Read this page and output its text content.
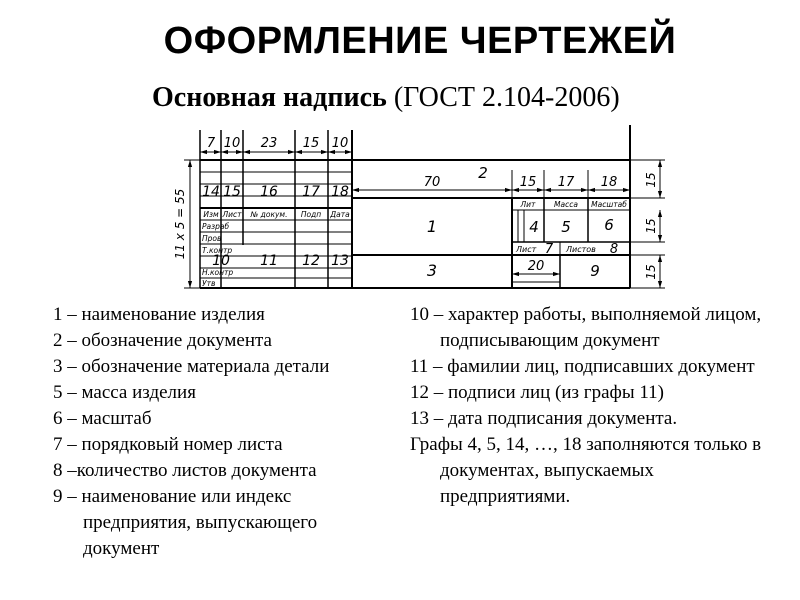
ОФОРМЛЕНИЕ ЧЕРТЕЖЕЙ
Основная надпись (ГОСТ 2.104-2006)
7 10 23 15 10
70	15 17 18
20
2
11 x 5 = 55
15
15
15
14 15 16 17 18
Изм Лист № докум. Подп Дата
Разраб
Пров
Т.контр
Н.контр
Утв
10 11 12 13
1
3
Лит Масса Масштаб
4 5 6
Лист 7 Листов 8
9
1 – наименование изделия
2 – обозначение документа
3 – обозначение материала детали
5 – масса изделия
6 – масштаб
7 – порядковый номер листа
8 –количество листов документа
9 – наименование или индекс предприятия, выпускающего документ
10 – характер работы, выполняемой лицом, подписывающим документ
11 – фамилии лиц, подписавших документ
12 – подписи лиц (из графы 11)
13 – дата подписания документа.
Графы 4, 5, 14, …, 18 заполняются только в документах, выпускаемых предприятиями.
